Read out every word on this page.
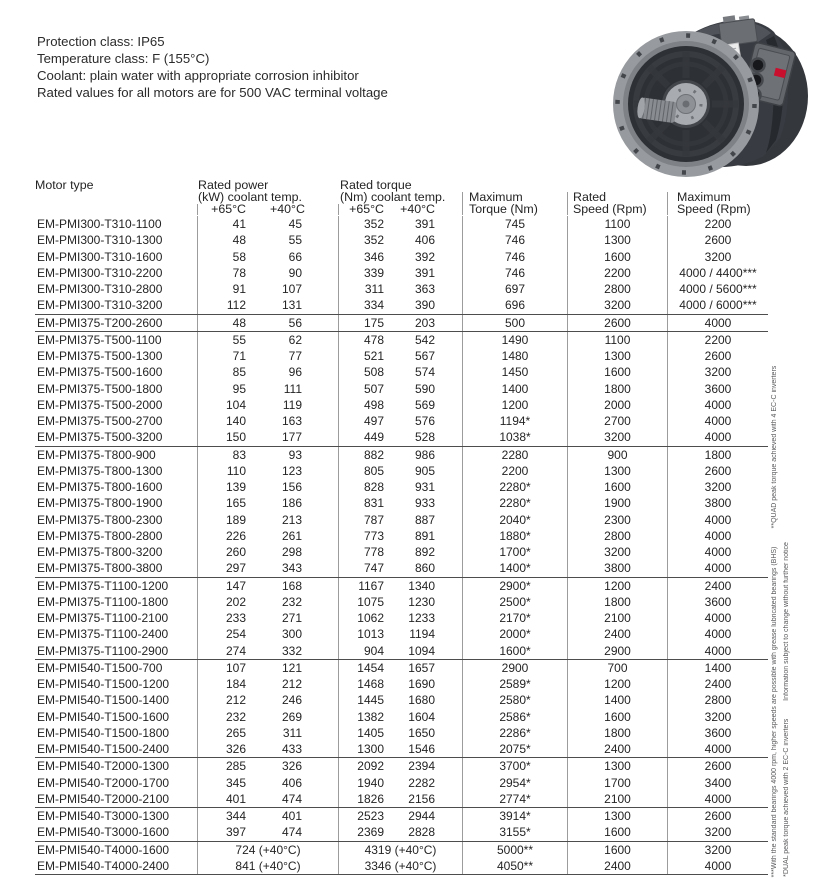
Protection class: IP65
Temperature class: F (155°C)
Coolant: plain water with appropriate corrosion inhibitor
Rated values for all motors are for 500 VAC terminal voltage
Motor type	Rated power	Rated torque
(kW) coolant temp.	(Nm) coolant temp.	Maximum	Rated	Maximum
+65°C	+40°C	+65°C	+40°C	Torque (Nm)	Speed (Rpm)	Speed (Rpm)
EM-PMI300-T310-1100	41	45	352	391	745	1100	2200
EM-PMI300-T310-1300	48	55	352	406	746	1300	2600
EM-PMI300-T310-1600	58	66	346	392	746	1600	3200
EM-PMI300-T310-2200	78	90	339	391	746	2200	4000 / 4400***
EM-PMI300-T310-2800	91	107	311	363	697	2800	4000 / 5600***
EM-PMI300-T310-3200	112	131	334	390	696	3200	4000 / 6000***
EM-PMI375-T200-2600	48	56	175	203	500	2600	4000
EM-PMI375-T500-1100	55	62	478	542	1490	1100	2200
EM-PMI375-T500-1300	71	77	521	567	1480	1300	2600
EM-PMI375-T500-1600	85	96	508	574	1450	1600	3200
EM-PMI375-T500-1800	95	111	507	590	1400	1800	3600
EM-PMI375-T500-2000	104	119	498	569	1200	2000	4000
EM-PMI375-T500-2700	140	163	497	576	1194*	2700	4000
EM-PMI375-T500-3200	150	177	449	528	1038*	3200	4000
EM-PMI375-T800-900	83	93	882	986	2280	900	1800
EM-PMI375-T800-1300	110	123	805	905	2200	1300	2600
EM-PMI375-T800-1600	139	156	828	931	2280*	1600	3200
EM-PMI375-T800-1900	165	186	831	933	2280*	1900	3800
EM-PMI375-T800-2300	189	213	787	887	2040*	2300	4000
EM-PMI375-T800-2800	226	261	773	891	1880*	2800	4000
EM-PMI375-T800-3200	260	298	778	892	1700*	3200	4000
EM-PMI375-T800-3800	297	343	747	860	1400*	3800	4000
EM-PMI375-T1100-1200	147	168	1167	1340	2900*	1200	2400
EM-PMI375-T1100-1800	202	232	1075	1230	2500*	1800	3600
EM-PMI375-T1100-2100	233	271	1062	1233	2170*	2100	4000
EM-PMI375-T1100-2400	254	300	1013	1194	2000*	2400	4000
EM-PMI375-T1100-2900	274	332	904	1094	1600*	2900	4000
EM-PMI540-T1500-700	107	121	1454	1657	2900	700	1400
EM-PMI540-T1500-1200	184	212	1468	1690	2589*	1200	2400
EM-PMI540-T1500-1400	212	246	1445	1680	2580*	1400	2800
EM-PMI540-T1500-1600	232	269	1382	1604	2586*	1600	3200
EM-PMI540-T1500-1800	265	311	1405	1650	2286*	1800	3600
EM-PMI540-T1500-2400	326	433	1300	1546	2075*	2400	4000
EM-PMI540-T2000-1300	285	326	2092	2394	3700*	1300	2600
EM-PMI540-T2000-1700	345	406	1940	2282	2954*	1700	3400
EM-PMI540-T2000-2100	401	474	1826	2156	2774*	2100	4000
EM-PMI540-T3000-1300	344	401	2523	2944	3914*	1300	2600
EM-PMI540-T3000-1600	397	474	2369	2828	3155*	1600	3200
EM-PMI540-T4000-1600	724 (+40°C)	4319 (+40°C)	5000**	1600	3200
EM-PMI540-T4000-2400	841 (+40°C)	3346 (+40°C)	4050**	2400	4000	***With the standard bearings 4000 rpm, higher speeds are possible with grease lubricated bearings (BHS) **QUAD peak torque achieved with 4 EC-C inverters
*DUAL peak torque achieved with 2 EC-C inverters Information subject to change without further notice
